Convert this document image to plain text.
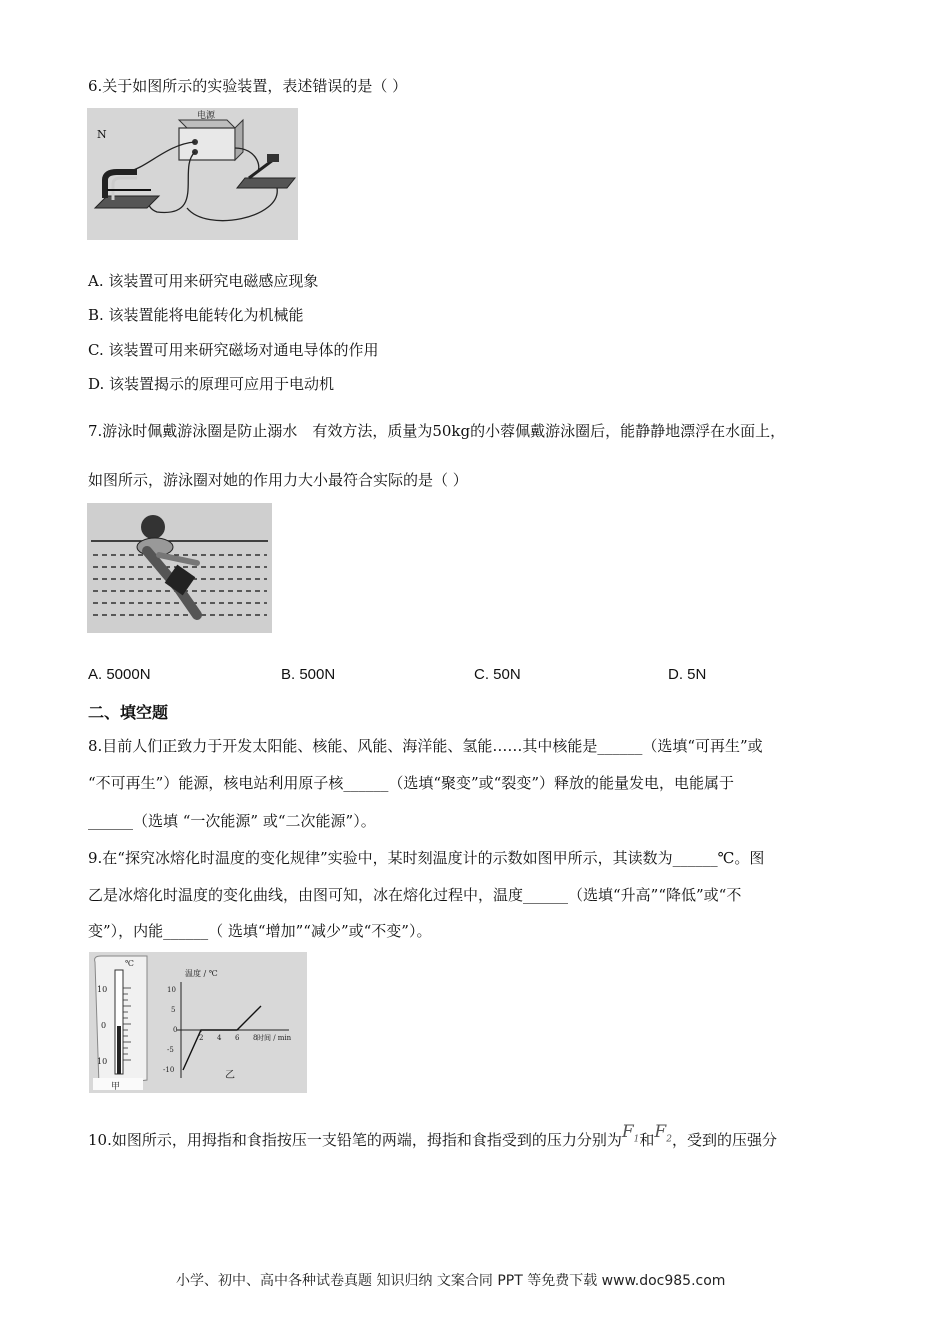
6.关于如图所示的实验装置，表述错误的是（ ）
电源
N
A. 该装置可用来研究电磁感应现象
B. 该装置能将电能转化为机械能
C. 该装置可用来研究磁场对通电导体的作用
D. 该装置揭示的原理可应用于电动机
7.游泳时佩戴游泳圈是防止溺水　有效方法，质量为50kg的小蓉佩戴游泳圈后，能静静地漂浮在水面上，
如图所示，游泳圈对她的作用力大小最符合实际的是（ ）
A. 5000N	B. 500N	C. 50N	D. 5N
二、填空题
8.目前人们正致力于开发太阳能、核能、风能、海洋能、氢能……其中核能是______（选填“可再生”或
“不可再生”）能源，核电站利用原子核______（选填“聚变”或“裂变”）释放的能量发电，电能属于
______（选填 “一次能源” 或“二次能源”）。
9.在“探究冰熔化时温度的变化规律”实验中，某时刻温度计的示数如图甲所示，其读数为______℃。图
乙是冰熔化时温度的变化曲线，由图可知，冰在熔化过程中，温度______（选填“升高”“降低”或“不
变”），内能______（ 选填“增加”“减少”或“不变”）。
℃
10
0
10
甲
温度 / ℃
时间 / min
10
5
0
-5
-10
2 4 6 8
乙
10.如图所示，用拇指和食指按压一支铅笔的两端，拇指和食指受到的压力分别为$F_1$和$F_2$，受到的压强分
小学、初中、高中各种试卷真题 知识归纳 文案合同 PPT 等免费下载 www.doc985.com
